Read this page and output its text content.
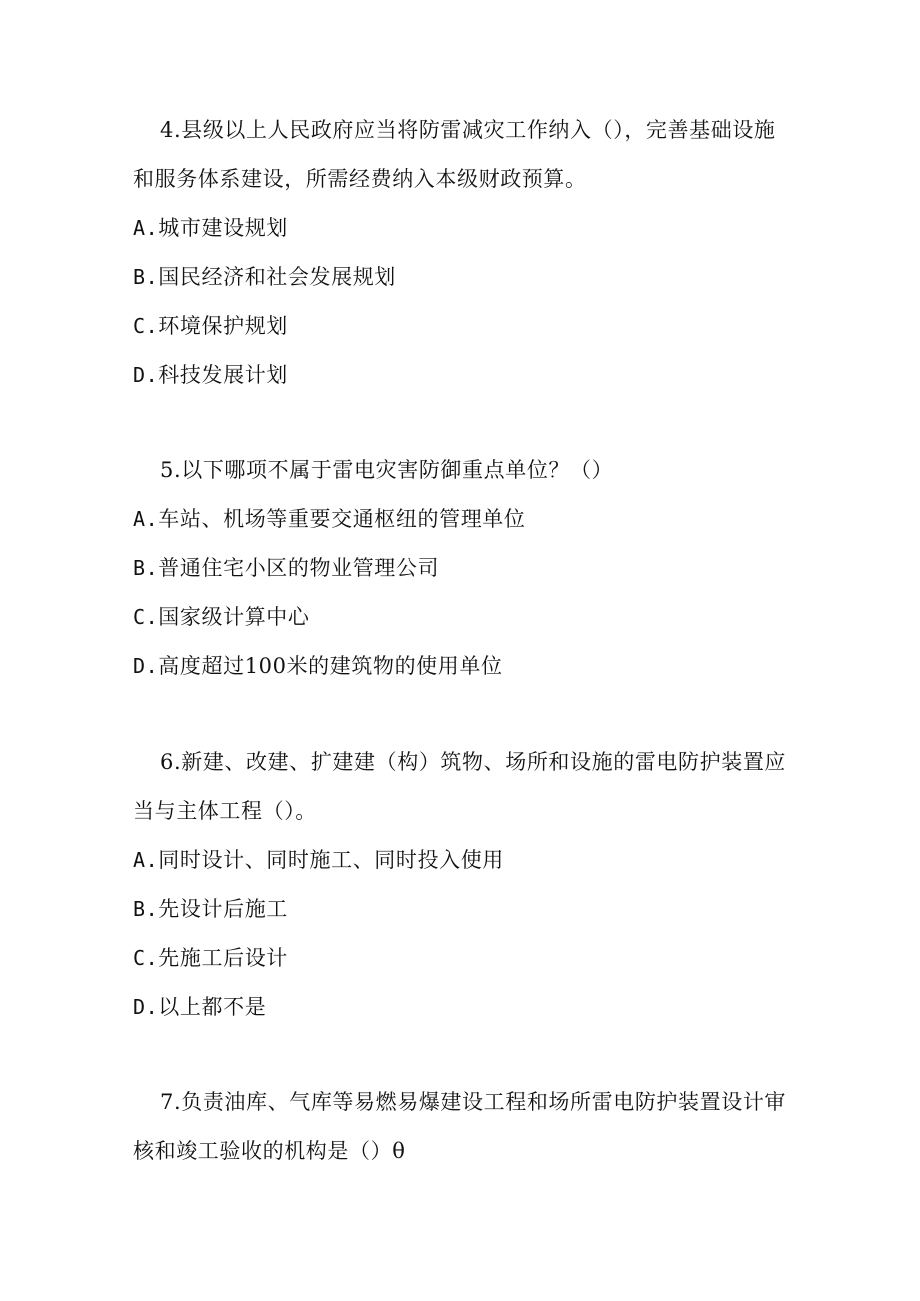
4.县级以上人民政府应当将防雷减灾工作纳入（），完善基础设施和服务体系建设，所需经费纳入本级财政预算。

A.城市建设规划

B.国民经济和社会发展规划

C.环境保护规划

D.科技发展计划

5.以下哪项不属于雷电灾害防御重点单位？（）

A.车站、机场等重要交通枢纽的管理单位

B.普通住宅小区的物业管理公司

C.国家级计算中心

D.高度超过100米的建筑物的使用单位

6.新建、改建、扩建建（构）筑物、场所和设施的雷电防护装置应当与主体工程（）。

A.同时设计、同时施工、同时投入使用

B.先设计后施工

C.先施工后设计

D.以上都不是

7.负责油库、气库等易燃易爆建设工程和场所雷电防护装置设计审核和竣工验收的机构是（）θ
